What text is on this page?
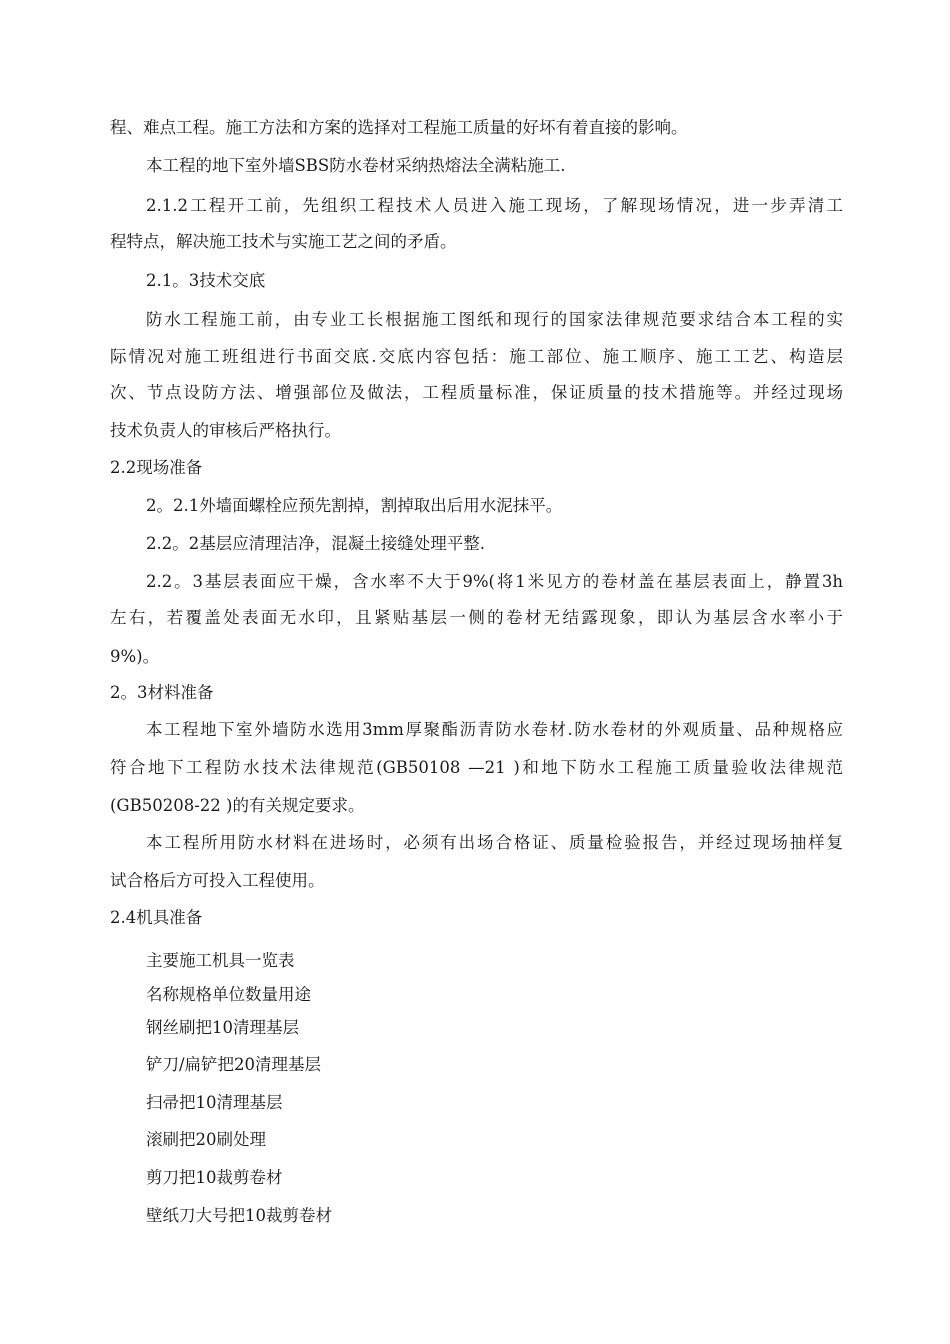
程、难点工程。施工方法和方案的选择对工程施工质量的好坏有着直接的影响。
本工程的地下室外墙SBS防水卷材采纳热熔法全满粘施工.
2.1.2工程开工前，先组织工程技术人员进入施工现场，了解现场情况，进一步弄清工
程特点，解决施工技术与实施工艺之间的矛盾。
2.1。3技术交底
防水工程施工前，由专业工长根据施工图纸和现行的国家法律规范要求结合本工程的实
际情况对施工班组进行书面交底.交底内容包括：施工部位、施工顺序、施工工艺、构造层
次、节点设防方法、增强部位及做法，工程质量标准，保证质量的技术措施等。并经过现场
技术负责人的审核后严格执行。
2.2现场准备
2。2.1外墙面螺栓应预先割掉，割掉取出后用水泥抹平。
2.2。2基层应清理洁净，混凝土接缝处理平整.
2.2。3基层表面应干燥，含水率不大于9%(将1米见方的卷材盖在基层表面上，静置3h
左右，若覆盖处表面无水印，且紧贴基层一侧的卷材无结露现象，即认为基层含水率小于
9%)。
2。3材料准备
本工程地下室外墙防水选用3mm厚聚酯沥青防水卷材.防水卷材的外观质量、品种规格应
符合地下工程防水技术法律规范(GB50108 —21 )和地下防水工程施工质量验收法律规范
(GB50208-22 )的有关规定要求。
本工程所用防水材料在进场时，必须有出场合格证、质量检验报告，并经过现场抽样复
试合格后方可投入工程使用。
2.4机具准备
主要施工机具一览表
名称规格单位数量用途
钢丝刷把10清理基层
铲刀/扁铲把20清理基层
扫帚把10清理基层
滚刷把20刷处理
剪刀把10裁剪卷材
壁纸刀大号把10裁剪卷材
